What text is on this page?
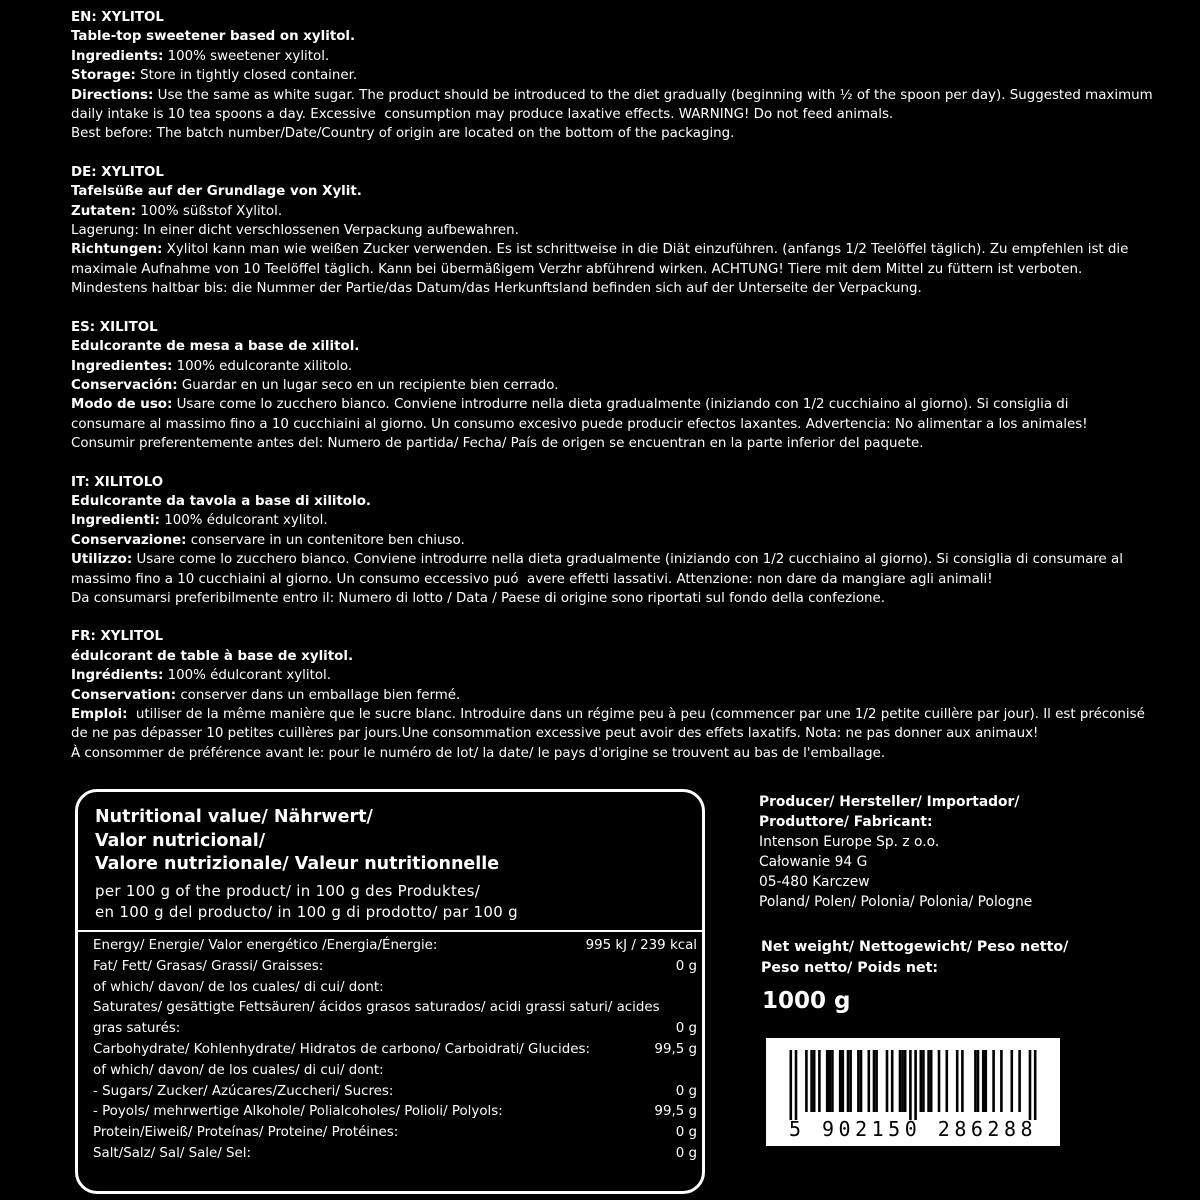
EN: XYLITOL
Table-top sweetener based on xylitol.
Ingredients: 100% sweetener xylitol.
Storage: Store in tightly closed container.
Directions: Use the same as white sugar. The product should be introduced to the diet gradually (beginning with ½ of the spoon per day). Suggested maximum
daily intake is 10 tea spoons a day. Excessive  consumption may produce laxative effects. WARNING! Do not feed animals.
Best before: The batch number/Date/Country of origin are located on the bottom of the packaging.
DE: XYLITOL
Tafelsüße auf der Grundlage von Xylit.
Zutaten: 100% süßstof Xylitol.
Lagerung: In einer dicht verschlossenen Verpackung aufbewahren.
Richtungen: Xylitol kann man wie weißen Zucker verwenden. Es ist schrittweise in die Diät einzuführen. (anfangs 1/2 Teelöffel täglich). Zu empfehlen ist die
maximale Aufnahme von 10 Teelöffel täglich. Kann bei übermäßigem Verzhr abführend wirken. ACHTUNG! Tiere mit dem Mittel zu füttern ist verboten.
Mindestens haltbar bis: die Nummer der Partie/das Datum/das Herkunftsland befinden sich auf der Unterseite der Verpackung.
ES: XILITOL
Edulcorante de mesa a base de xilitol.
Ingredientes: 100% edulcorante xilitolo.
Conservación: Guardar en un lugar seco en un recipiente bien cerrado.
Modo de uso: Usare come lo zucchero bianco. Conviene introdurre nella dieta gradualmente (iniziando con 1/2 cucchiaino al giorno). Si consiglia di
consumare al massimo fino a 10 cucchiaini al giorno. Un consumo excesivo puede producir efectos laxantes. Advertencia: No alimentar a los animales!
Consumir preferentemente antes del: Numero de partida/ Fecha/ País de origen se encuentran en la parte inferior del paquete.
IT: XILITOLO
Edulcorante da tavola a base di xilitolo.
Ingredienti: 100% édulcorant xylitol.
Conservazione: conservare in un contenitore ben chiuso.
Utilizzo: Usare come lo zucchero bianco. Conviene introdurre nella dieta gradualmente (iniziando con 1/2 cucchiaino al giorno). Si consiglia di consumare al
massimo fino a 10 cucchiaini al giorno. Un consumo eccessivo puó  avere effetti lassativi. Attenzione: non dare da mangiare agli animali!
Da consumarsi preferibilmente entro il: Numero di lotto / Data / Paese di origine sono riportati sul fondo della confezione.
FR: XYLITOL
édulcorant de table à base de xylitol.
Ingrédients: 100% édulcorant xylitol.
Conservation: conserver dans un emballage bien fermé.
Emploi:  utiliser de la même manière que le sucre blanc. Introduire dans un régime peu à peu (commencer par une 1/2 petite cuillère par jour). Il est préconisé
de ne pas dépasser 10 petites cuillères par jours.Une consommation excessive peut avoir des effets laxatifs. Nota: ne pas donner aux animaux!
À consommer de préférence avant le: pour le numéro de lot/ la date/ le pays d'origine se trouvent au bas de l'emballage.
Nutritional value/ Nährwert/
Valor nutricional/
Valore nutrizionale/ Valeur nutritionnelle
per 100 g of the product/ in 100 g des Produktes/
en 100 g del producto/ in 100 g di prodotto/ par 100 g
Energy/ Energie/ Valor energético /Energia/Énergie:	995 kJ / 239 kcal
Fat/ Fett/ Grasas/ Grassi/ Graisses:	0 g
of which/ davon/ de los cuales/ di cui/ dont:
Saturates/ gesättigte Fettsäuren/ ácidos grasos saturados/ acidi grassi saturi/ acides
gras saturés:	0 g
Carbohydrate/ Kohlenhydrate/ Hidratos de carbono/ Carboidrati/ Glucides:	99,5 g
of which/ davon/ de los cuales/ di cui/ dont:
- Sugars/ Zucker/ Azúcares/Zuccheri/ Sucres:	0 g
- Poyols/ mehrwertige Alkohole/ Polialcoholes/ Polioli/ Polyols:	99,5 g
Protein/Eiweiß/ Proteínas/ Proteine/ Protéines:	0 g
Salt/Salz/ Sal/ Sale/ Sel:	0 g
Producer/ Hersteller/ Importador/
Produttore/ Fabricant:
Intenson Europe Sp. z o.o.
Całowanie 94 G
05-480 Karczew
Poland/ Polen/ Polonia/ Polonia/ Pologne
Net weight/ Nettogewicht/ Peso netto/
Peso netto/ Poids net:
1000 g
5 902150 286288
